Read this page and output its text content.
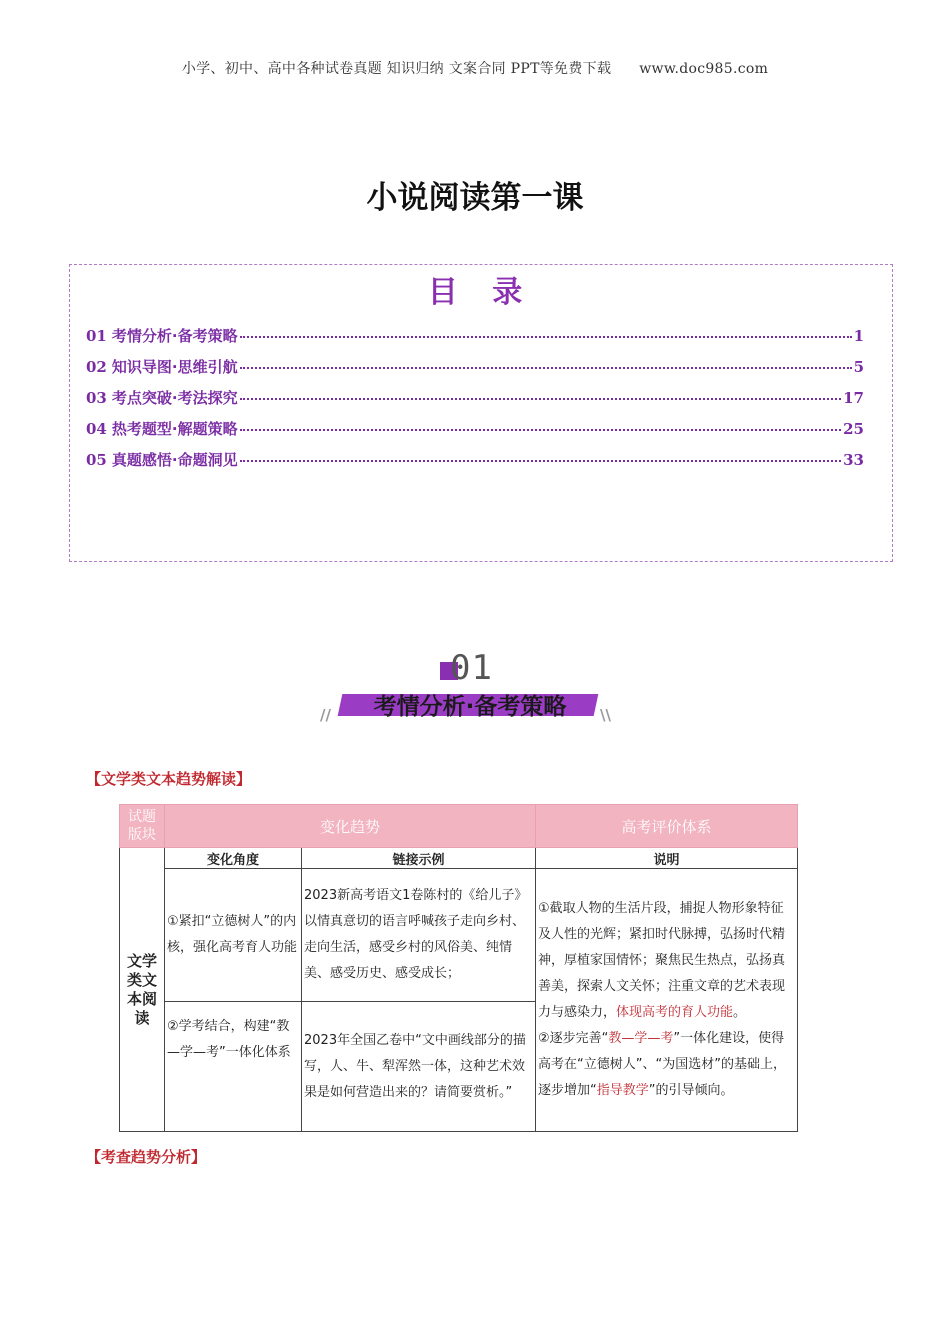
小学、初中、高中各种试卷真题 知识归纳 文案合同 PPT等免费下载 www.doc985.com
小说阅读第一课
目 录
01 考情分析·备考策略	1
02 知识导图·思维引航	5
03 考点突破·考法探究	17
04 热考题型·解题策略	25
05 真题感悟·命题洞见	33
01
//	考情分析·备考策略	\\
【文学类文本趋势解读】
试题版块	变化趋势		高考评价体系
文学类文本阅读	变化角度	链接示例	说明
	①紧扣“立德树人”的内核，强化高考育人功能	2023新高考语文1卷陈村的《给儿子》以情真意切的语言呼喊孩子走向乡村、走向生活，感受乡村的风俗美、纯情美、感受历史、感受成长；	①截取人物的生活片段，捕捉人物形象特征及人性的光辉；紧扣时代脉搏，弘扬时代精神，厚植家国情怀；聚焦民生热点，弘扬真善美，探索人文关怀；注重文章的艺术表现力与感染力，体现高考的育人功能。
②逐步完善“教—学—考”一体化建设，使得高考在“立德树人”、“为国选材”的基础上，逐步增加“指导教学”的引导倾向。
	②学考结合，构建“教—学—考”一体化体系	2023年全国乙卷中“文中画线部分的描写，人、牛、犁浑然一体，这种艺术效果是如何营造出来的？请简要赏析。”	
【考查趋势分析】
